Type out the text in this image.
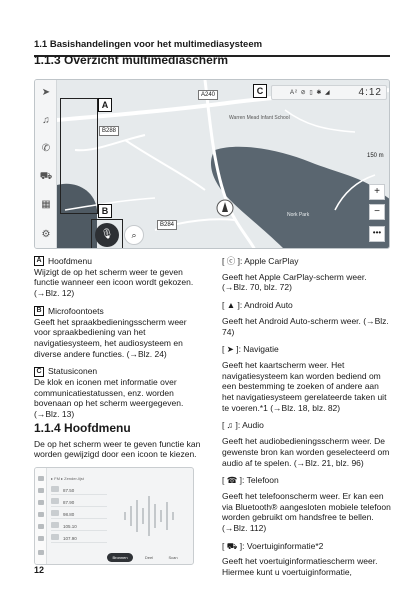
1.1 Basishandelingen voor het multimediasysteem
1.1.3 Overzicht multimediascherm
➤
♫
✆
⛟
▦
⚙
A
B
C	A² ⊘ ▯ ✱ ◢	4:12
A240
B288
B284
Warren Mead Infant School
Nork Park
🎙	⌕
150 m
+
−
•••
A Hoofdmenu
Wijzigt de op het scherm weer te geven functie wanneer een icoon wordt gekozen. (→Blz. 12)
B Microfoontoets
Geeft het spraakbedieningsscherm weer voor spraakbediening van het navigatiesysteem, het audiosysteem en diverse andere functies. (→Blz. 24)
C Statusiconen
De klok en iconen met informatie over communicatiestatussen, enz. worden bovenaan op het scherm weergegeven. (→Blz. 13)
1.1.4 Hoofdmenu
De op het scherm weer te geven functie kan worden gewijzigd door een icoon te kiezen.
▸ FM ▸ Zender-lijst
87.50
87.90
98.80
105.10
107.90
Bronnen	Deel	Scan
[ ⓒ ]: Apple CarPlay
Geeft het Apple CarPlay-scherm weer. (→Blz. 70, blz. 72)
[ ▲ ]: Android Auto
Geeft het Android Auto-scherm weer. (→Blz. 74)
[ ➤ ]: Navigatie
Geeft het kaartscherm weer. Het navigatiesysteem kan worden bediend om een bestemming te zoeken of andere aan het navigatiesysteem gerelateerde taken uit te voeren.*1 (→Blz. 18, blz. 82)
[ ♫ ]: Audio
Geeft het audiobedieningsscherm weer. De gewenste bron kan worden geselecteerd om audio af te spelen. (→Blz. 21, blz. 96)
[ ☎ ]: Telefoon
Geeft het telefoonscherm weer. Er kan een via Bluetooth® aangesloten mobiele telefoon worden gebruikt om handsfree te bellen. (→Blz. 112)
[ ⛟ ]: Voertuiginformatie*2
Geeft het voertuiginformatiescherm weer. Hiermee kunt u voertuiginformatie,
12
